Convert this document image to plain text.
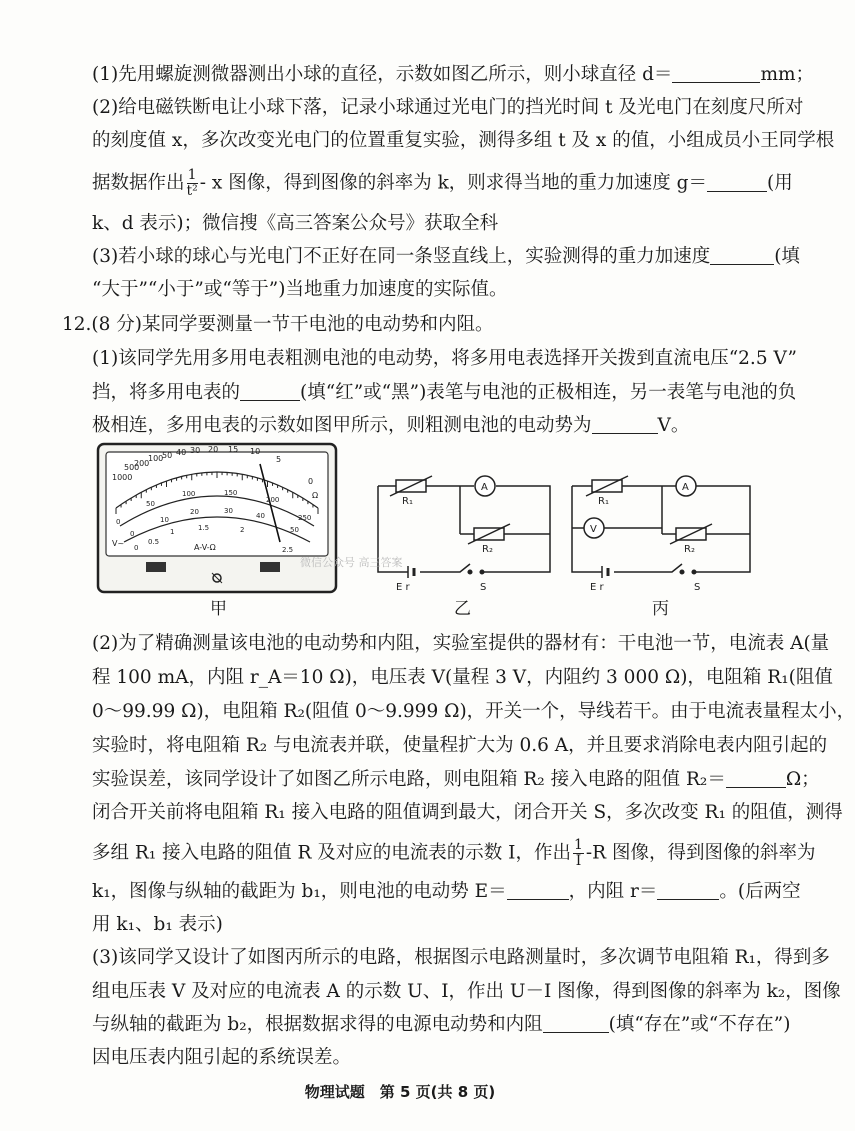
(1)先用螺旋测微器测出小球的直径，示数如图乙所示，则小球直径 d＝	mm；
(2)给电磁铁断电让小球下落，记录小球通过光电门的挡光时间 t 及光电门在刻度尺所对
的刻度值 x，多次改变光电门的位置重复实验，测得多组 t 及 x 的值，小组成员小王同学根
据数据作出 $\frac{1}{\text{t²}}$ - x 图像，得到图像的斜率为 k，则求得当地的重力加速度 g＝	(用
k、d 表示)；微信搜《高三答案公众号》获取全科
(3)若小球的球心与光电门不正好在同一条竖直线上，实验测得的重力加速度	(填
“大于”“小于”或“等于”)当地重力加速度的实际值。
12.(8 分)某同学要测量一节干电池的电动势和内阻。
(1)该同学先用多用电表粗测电池的电动势，将多用电表选择开关拨到直流电压“2.5 V”
挡，将多用电表的	(填“红”或“黑”)表笔与电池的正极相连，另一表笔与电池的负
极相连，多用电表的示数如图甲所示，则粗测电池的电动势为	V。
1000
500
200
100
50 40 30 20 15 10
5
0
Ω
0
50
100	150
200
250
0
10
20	30
40
50
0
0.5
1	1.5	2
2.5
A-V-Ω
V~
R₁
R₂
A
E r	S
微信公众号 高三答案
R₁
R₂
A
V
E r	S
甲	乙	丙
(2)为了精确测量该电池的电动势和内阻，实验室提供的器材有：干电池一节，电流表 A(量
程 100 mA，内阻 r_A＝10 Ω)，电压表 V(量程 3 V，内阻约 3 000 Ω)，电阻箱 R₁(阻值
0～99.99 Ω)，电阻箱 R₂(阻值 0～9.999 Ω)，开关一个，导线若干。由于电流表量程太小，
实验时，将电阻箱 R₂ 与电流表并联，使量程扩大为 0.6 A，并且要求消除电表内阻引起的
实验误差，该同学设计了如图乙所示电路，则电阻箱 R₂ 接入电路的阻值 R₂＝	Ω；
闭合开关前将电阻箱 R₁ 接入电路的阻值调到最大，闭合开关 S，多次改变 R₁ 的阻值，测得
多组 R₁ 接入电路的阻值 R 及对应的电流表的示数 I，作出 $\frac{1}{I} -R$ 图像，得到图像的斜率为
k₁，图像与纵轴的截距为 b₁，则电池的电动势 E＝	，内阻 r＝	。(后两空
用 k₁、b₁ 表示)
(3)该同学又设计了如图丙所示的电路，根据图示电路测量时，多次调节电阻箱 R₁，得到多
组电压表 V 及对应的电流表 A 的示数 U、I，作出 U－I 图像，得到图像的斜率为 k₂，图像
与纵轴的截距为 b₂，根据数据求得的电源电动势和内阻	(填“存在”或“不存在”)
因电压表内阻引起的系统误差。
物理试题　第 5 页(共 8 页)
